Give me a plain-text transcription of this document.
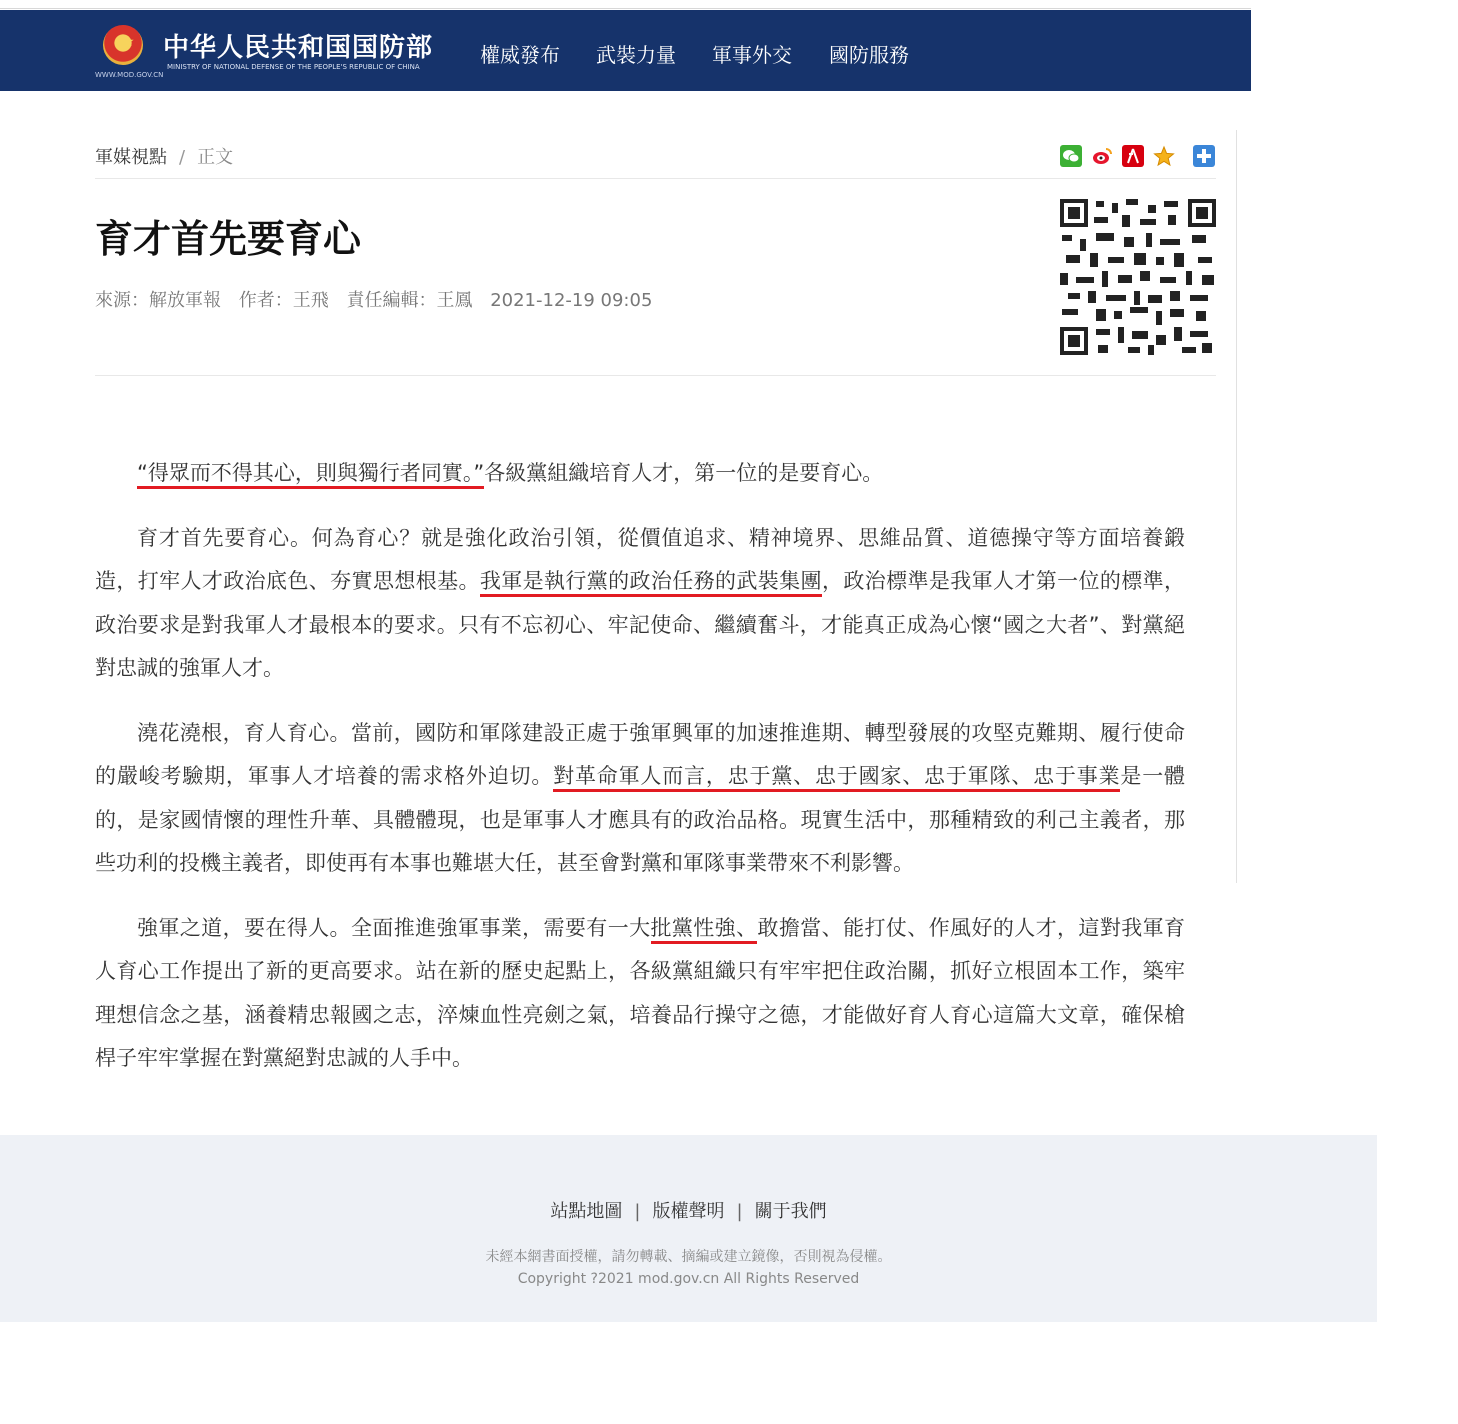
★
WWW.MOD.GOV.CN
中华人民共和国国防部
MINISTRY OF NATIONAL DEFENSE OF THE PEOPLE'S REPUBLIC OF CHINA	權威發布 武裝力量 軍事外交 國防服務
軍媒視點 / 正文
育才首先要育心
來源：解放軍報 作者：王飛 責任編輯：王鳳 2021-12-19 09:05

“得眾而不得其心，則與獨行者同實。”各級黨組織培育人才，第一位的是要育心。

育才首先要育心。何為育心？就是強化政治引領，從價值追求、精神境界、思維品質、道德操守等方面培養鍛造，打牢人才政治底色、夯實思想根基。我軍是執行黨的政治任務的武裝集團，政治標準是我軍人才第一位的標準，政治要求是對我軍人才最根本的要求。只有不忘初心、牢記使命、繼續奮斗，才能真正成為心懷“國之大者”、對黨絕對忠誠的強軍人才。

澆花澆根，育人育心。當前，國防和軍隊建設正處于強軍興軍的加速推進期、轉型發展的攻堅克難期、履行使命的嚴峻考驗期，軍事人才培養的需求格外迫切。對革命軍人而言，忠于黨、忠于國家、忠于軍隊、忠于事業是一體的，是家國情懷的理性升華、具體體現，也是軍事人才應具有的政治品格。現實生活中，那種精致的利己主義者，那些功利的投機主義者，即使再有本事也難堪大任，甚至會對黨和軍隊事業帶來不利影響。

強軍之道，要在得人。全面推進強軍事業，需要有一大批黨性強、敢擔當、能打仗、作風好的人才，這對我軍育人育心工作提出了新的更高要求。站在新的歷史起點上，各級黨組織只有牢牢把住政治關，抓好立根固本工作，築牢理想信念之基，涵養精忠報國之志，淬煉血性亮劍之氣，培養品行操守之德，才能做好育人育心這篇大文章，確保槍桿子牢牢掌握在對黨絕對忠誠的人手中。

站點地圖 | 版權聲明 | 關于我們
未經本網書面授權，請勿轉載、摘編或建立鏡像，否則視為侵權。
Copyright ?2021 mod.gov.cn All Rights Reserved
